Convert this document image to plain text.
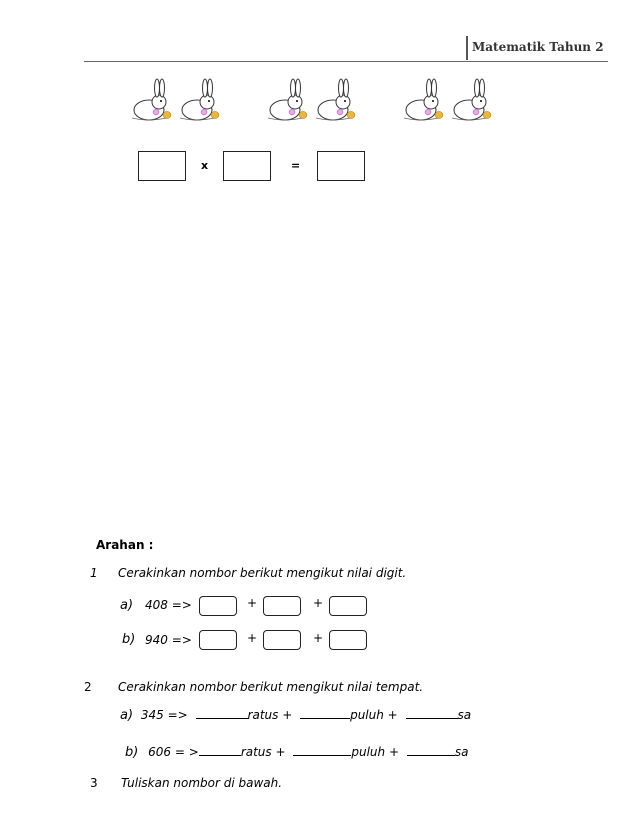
Matematik Tahun 2
x	=
Arahan :
1 Cerakinkan nombor berikut mengikut nilai digit.
a) 408 =>	+	+
b) 940 =>	+	+
2 Cerakinkan nombor berikut mengikut nilai tempat.
a) 345 =>	ratus +	puluh +	sa
b) 606 = >	ratus +	puluh +	sa
3 Tuliskan nombor di bawah.
